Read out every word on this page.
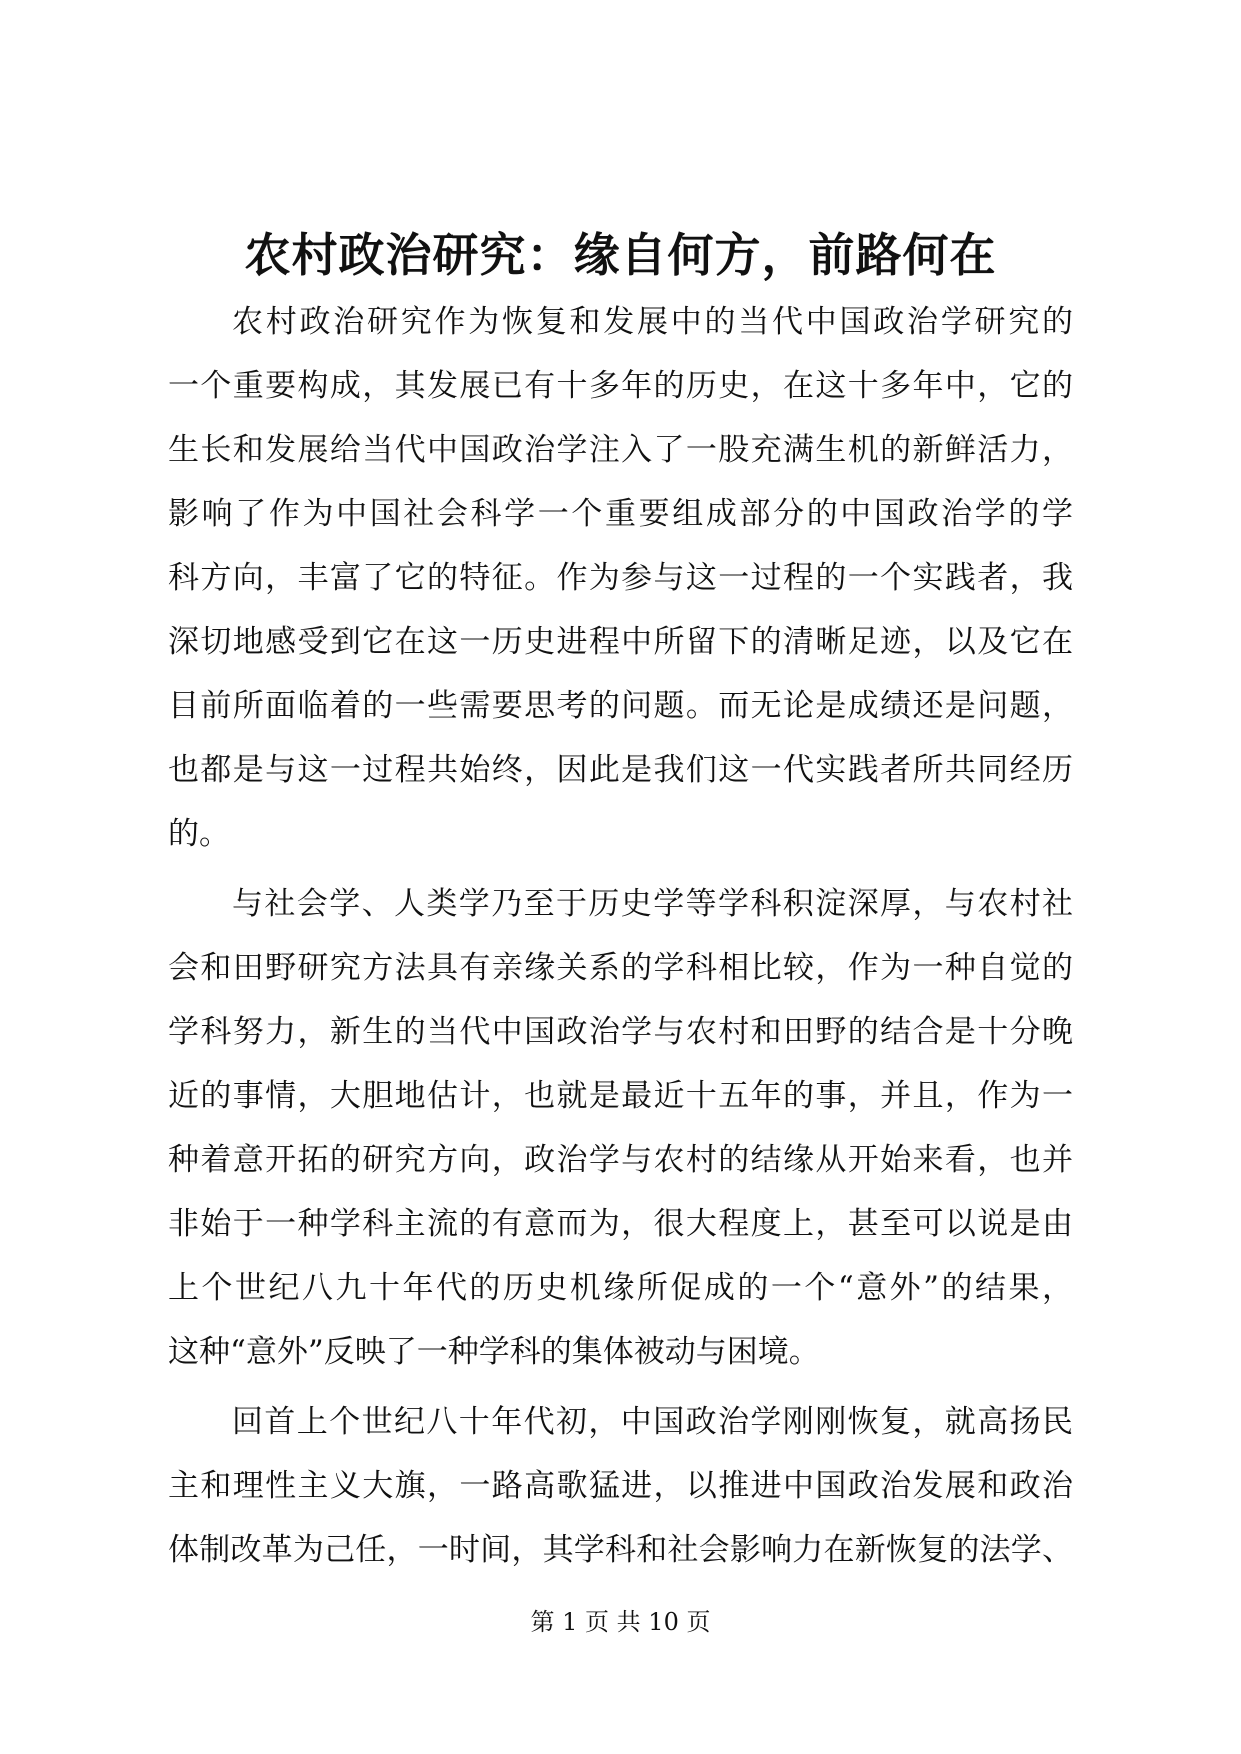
农村政治研究：缘自何方，前路何在
农村政治研究作为恢复和发展中的当代中国政治学研究的
一个重要构成，其发展已有十多年的历史，在这十多年中，它的
生长和发展给当代中国政治学注入了一股充满生机的新鲜活力，
影响了作为中国社会科学一个重要组成部分的中国政治学的学
科方向，丰富了它的特征。作为参与这一过程的一个实践者，我
深切地感受到它在这一历史进程中所留下的清晰足迹，以及它在
目前所面临着的一些需要思考的问题。而无论是成绩还是问题，
也都是与这一过程共始终，因此是我们这一代实践者所共同经历
的。
与社会学、人类学乃至于历史学等学科积淀深厚，与农村社
会和田野研究方法具有亲缘关系的学科相比较，作为一种自觉的
学科努力，新生的当代中国政治学与农村和田野的结合是十分晚
近的事情，大胆地估计，也就是最近十五年的事，并且，作为一
种着意开拓的研究方向，政治学与农村的结缘从开始来看，也并
非始于一种学科主流的有意而为，很大程度上，甚至可以说是由
上个世纪八九十年代的历史机缘所促成的一个“意外”的结果，
这种“意外”反映了一种学科的集体被动与困境。
回首上个世纪八十年代初，中国政治学刚刚恢复，就高扬民
主和理性主义大旗，一路高歌猛进，以推进中国政治发展和政治
体制改革为己任，一时间，其学科和社会影响力在新恢复的法学、
第 1 页 共 10 页
